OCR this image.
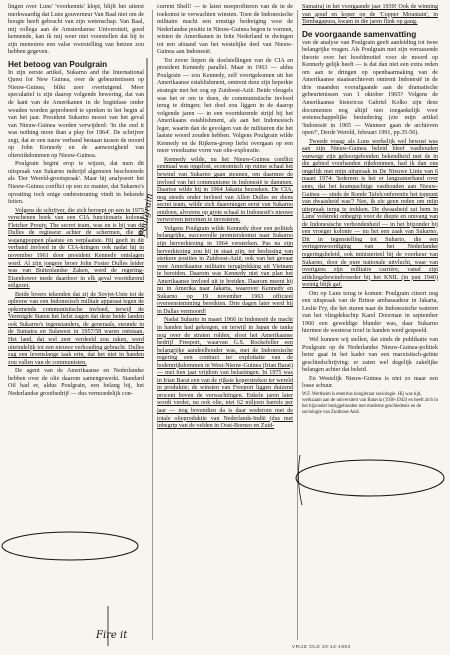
lingen over Luns' 'voorkennis' klopt, blijft het uiterst merkwaardig dat Luns gouverneur Van Baal niet om de hoogte heeft gebracht van zijn wetenschap. Van Baal, mij collega aan de Amsterdamse Universiteit, goed kennende, kan ik mij weer niet voorstellen dat hij in zijn memoires een valse voorstelling van hetzen zou hebben gegeven.

Het betoog van Poulgrain

In zijn eerste artikel, Sukarno and the International Quest for New Guinea, over de gebeurtenissen op Nieuw-Guinea, blikt zeer overtuigend. Meer speculatief is zijn daarop volgende bewering, dat van de kant van de Amerikanen in de beginfase onder wouden worden geprobeerd te spreken in het begin al van het jaar. President Sukarno moest van het geval van Nieuw-Guinea worden verwijderd: 'In the end it was nothing more than a play for 1964'. De schrijver zegt, dat er een nauw verband bestaan tussen de moord op John Kennedy en de aanwezigheid van oliereiikdommen op Nieuw-Guinea.

Poulgrain begint erop te wijzen, dat men dit uitspraak van Sukarno inderijd algemeen beschouwde als 'Der Wereld-grootspraak'. Maar hij analyseert het Nieuw-Guinea conflict op een zo manier, dat Sukarno's opvatting toch enige ondersteuning vindt in bekende feiten.

Volgens de schrijver, die zich beroept op een in 1975 verschenen boek van een CIA functionaris kolonel Fletcher Prouty, The secret team, was en is hij van de Dulles de regisseur achter de schermen, die de wajangpoppen plaatste en verplaatste. Hij geeft in dit verband invloed in de CIA-kringen ook nadat hij in november 1961 door president Kennedy ontslagen werd. Al zijn jongere broer John Foster Dulles leider was van Buitenlandse Zaken, werd de regering-Eisenhower mede daardoor in elk geval voortdurend stilgezet.

Beide broers tekenden dat zij de Sovjet-Unie tot de opbouw van een Indonesisch militair apparaat tegen de opkomende communistische invloed, terwijl de Verenigde Staten het liefst zagen dat deze beide landen ook Sukarno's tegenstanders, de generaals, steunde in de Sumatra en Sulawesi in 1957/58 waren ontstaan. Het land, dat wel zeer verdeeld zou raken, werd uiteindelijk tot een nieuwe verhouding gebracht. Dulles zag een levenslange taak erin, dat het niet in handen zou vallen van de communisten.

De agent van de Amerikaanse en Nederlandse hebben over de olie daarom samengewerkt. Standard Oil had er, aldus Poulgrain, een belang bij, het Nederlandse grootbedrijf — dus vermoedelijk con-

current Shell! — te laten meeprofiteren van de in de toekomst te verwachten winsten. Toen de Indonesische militaire macht een ernstige bedreiging voor de Nederlandse positie in Nieuw-Guinea begon te vormen, wisten de Amerikanen in feite Nederland te dwingen tot een afstand van het westelijke deel van Nieuw-Guinea aan Indonesië.

Tot zover liepen de doelstellingen van de CIA en president Kennedy parallel. Maar in 1963 — aldus Poulgrain — zou Kennedy, zelf voortgekomen uit het Amerikaanse establishment, omtrent deze zijn beperkte strategie met het oog op Zuidoost-Azië. Beide vleugels was het er om te doen, de communistische invloed terug te dringen; het doel zou liggen in de daarop volgende jaren — in een voortdurende strijd bij het Amerikaans establishment, als aan het Indonesisch leger, waarin dan de gevolgen van de militairen die het laatste woord zouden hebben. Volgens Poulgrain wilde Kennedy en de Rijkens-groep liefst overgaan op een meer vreedzame vorm van olie-exploratie.

Kennedy wilde, nu het Nieuw-Guinea conflict eenmaal was opgelost, economisch op ruime schaal het bewind van Sukarno gaan steunen, om daarmee de invloed van het communisme in Indonesië te dammen. Daartoe wilde hij in 1964 Jakarta bezoeken. De CIA, nog steeds onder invloed van Allen Dulles en diens secret team, wilde zich daarentegen eerst van Sukarno ontdoen, alvorens op grote schaal in Indonesië's nieuwe verworven terreinen te investeren.

Volgens Poulgrain wilde Kennedy door een politiek belangrijke, succesvolle premierskomst naar Sukarno zijn herverkiezing in 1964 versterken. Pas na zijn herverkiezing zou hij in staat zijn, ter beslissing van sterkere posities in Zuidoost-Azië, ook van het gevaar voor Amerikaanse militaire terugtrekking uit Vietnam te bereiden. Daarom was Kennedy niet van plan het Amerikaanse invloed uit te breiden. Daarom meent hij nu in Amerika naar Jakarta, waarover Kennedy en Sukarno op 19 november 1963 officieel overeenstemming bereikten. Drie dagen later werd hij in Dallas vermoord!

Nadat Suharto in maart 1966 in Indonesië de macht in handen had gekregen, en terwijl in Japan de tanks nog over de straten rolden, sloot het Amerikaanse bedrijf Freeport, waarvan G.S. Rockefeller een belangrijke aandeelhouder was, met de Indonesische regering een contract ter exploitatie van de bodemrijkdommen in West-Nieuw-Guinea (Irian Barat) — met tien jaar vrijdom van belastingen. In 1975 was in Irian Barat een van de rijkste koperstreken ter wereld in produktie; de winsten van Freeport liggen duizend procent boven de verwachtingen. Enkele jaren later wordt verder, nu ook olie, niet 62 miljoen barrels per jaar — nog bovendien da is daar wederom met de totale olieproduktie van Nederlands-Indië (dus met inbegrip van de velden in Oost-Borneo en Zuid-

Sumatra) in het voorgaande jaar 1939! Ook de winning van goud en koper op de 'Copper Mountain', in Tembagapura, kwam in die jaren flink op gang.

De voorgaande samenvatting

van de analyse van Poulgrain geeft aanleiding tot twee belangrijke vragen. Als Poulgrain met zijn verrassende theorie over het hoofdmotief voor de moord op Kennedy gelijk heeft — is dat dan niet een extra reden om aan te dringen op openbaarmaking van de Amerikaanse staatsarchieven omtrent Indonesië in de drie maanden voorafgaande aan de dramatische gebeurtenissen van 1 oktober 1965? Volgens de Amerikaanse historicus Gabriel Kolko zijn deze documenten nog altijd niet toegankelijk voor wetenschappelijke bestudering (zie mijn artikel 'Indonesië in 1965 — Wanneer gaan de archieven open?', Derde Wereld, februari 1991, pp.35-56).

Tweede vraag: als Luns werkelijk wel bewust was aan zijn Nieuw-Guinea beleid bleef vasthouden vanwege zijn gehoorgebonden bekendheid met de in die gebied voorhanden rijkdommen, had ik dan ons ongelijk met mijn uitspraak in De Nieuwe Linie van 6 maart 1974: 'Iedereen is het er langzamerhand over eens, dat het krampachtige vasthouden aan Nieuw-Guinea — sinds de Ronde Tafelconferentie het toppunt van dwaasheid was'? Nee, ik zie geen reden om mijn uitspraak terug te trekken. De dwaasheid zat hem in Luns' volstrekt onbegrip voor de diepte en omvang van de Indonesische verbondenheid — in het bijzonder bij een vroeger kolonie — nu het een zaak van Sukarno. Dit in tegenstelling tot Suharto, die een vertegenwoordiging van het Nederlandse regeringsbeleid, ook ministerieel bij de voorkeur van Sukarno, door de pure nationale uitvlucht, waar van overigens zijn militaire carrière, vanaf zijn afdelingsbewindvoerder bij het KNIL (in juni 1940) weinig blijk gaf.

Om op Luns terug te komen: Poulgrain citeert nog een uitspraak van de Brinse ambassadeur in Jakarta, Leslie Fry, die het sturen naar de Indonesische wateren van het vliegdekschip Karel Doorman in september 1960 een geweldige blunder was, daar Sukarno hiermee de westerse troef in handen werd gespeeld.

Wel kunnen wij stellen, dat sinds de publikatie van Poulgrain op de Nederlandse Nieuw-Guinea-politiek beter gaat in het kader van een marxistisch-geïnte geschiedschrijving: er zaten wel degelijk zakelijke belangen achter dat beleid.

En Westelijk Nieuw-Guinea is niet zo maar een losse schuur.

W.F. Wertheim is emeritus hoogleraar sociologie. Hij was tijd, werkzaam aan de universiteit van Batavia (1936-1942) en heeft zich in het bijzonder beziggehouden met moderne geschiedenis en de sociologie van Zuidoost-Azië.

Poulgrain
Fire it
VRIJE OLD 20-12-1993
